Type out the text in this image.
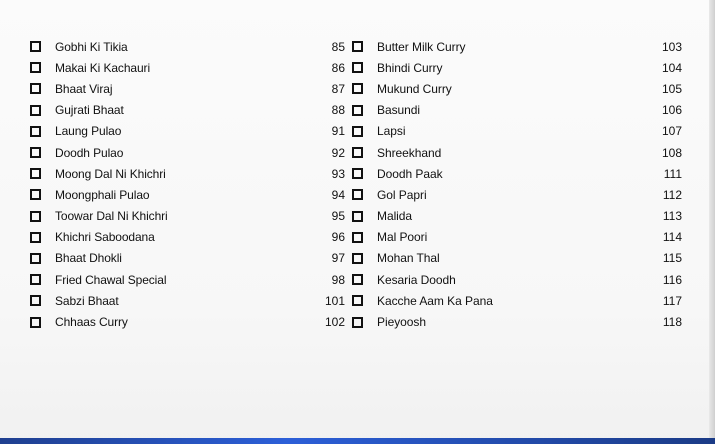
Gobhi Ki Tikia	85
Makai Ki Kachauri	86
Bhaat Viraj	87
Gujrati Bhaat	88
Laung Pulao	91
Doodh Pulao	92
Moong Dal Ni Khichri	93
Moongphali Pulao	94
Toowar Dal Ni Khichri	95
Khichri Saboodana	96
Bhaat Dhokli	97
Fried Chawal Special	98
Sabzi Bhaat	101
Chhaas Curry	102
Butter Milk Curry	103
Bhindi Curry	104
Mukund Curry	105
Basundi	106
Lapsi	107
Shreekhand	108
Doodh Paak	111
Gol Papri	112
Malida	113
Mal Poori	114
Mohan Thal	115
Kesaria Doodh	116
Kacche Aam Ka Pana	117
Pieyoosh	118
